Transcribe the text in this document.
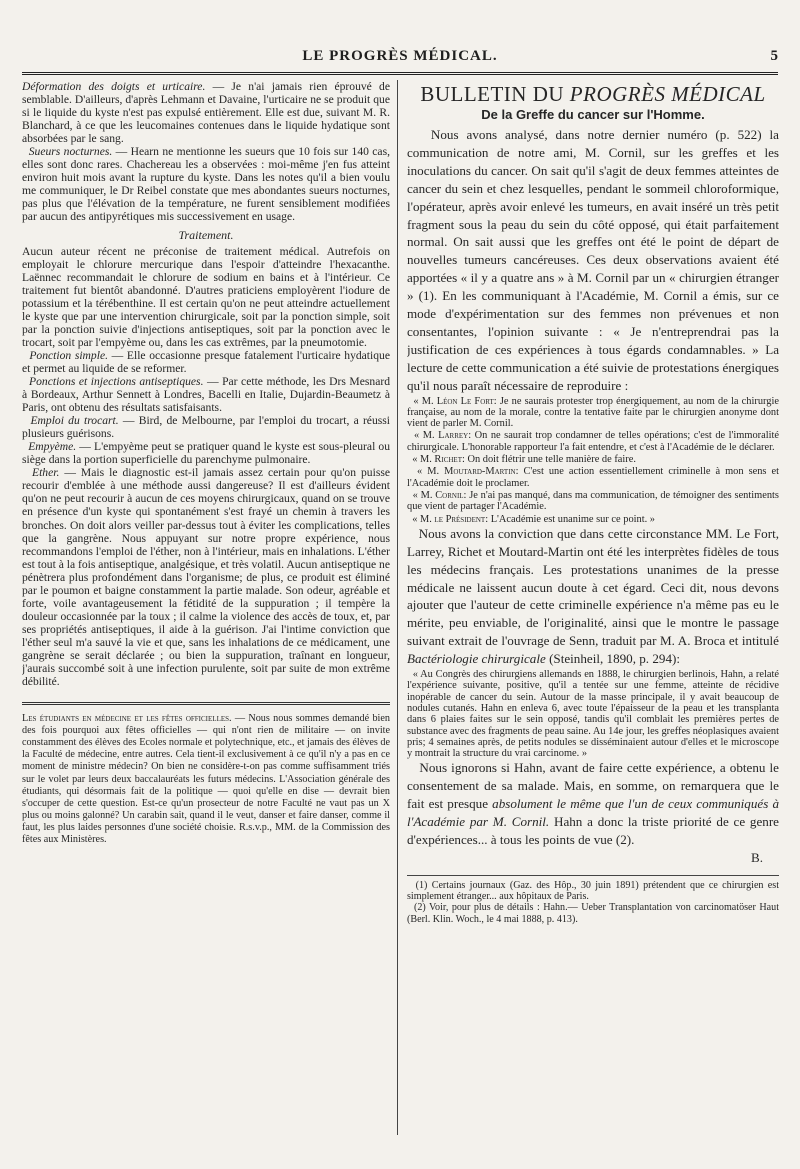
LE PROGRÈS MÉDICAL.	5

Déformation des doigts et urticaire. — Je n'ai jamais rien éprouvé de semblable. D'ailleurs, d'après Lehmann et Davaine, l'urticaire ne se produit que si le liquide du kyste n'est pas expulsé entièrement. Elle est due, suivant M. R. Blanchard, à ce que les leucomaines contenues dans le liquide hydatique sont absorbées par le sang.

Sueurs nocturnes. — Hearn ne mentionne les sueurs que 10 fois sur 140 cas, elles sont donc rares. Chachereau les a observées : moi-même j'en fus atteint environ huit mois avant la rupture du kyste. Dans les notes qu'il a bien voulu me communiquer, le Dr Reibel constate que mes abondantes sueurs nocturnes, pas plus que l'élévation de la température, ne furent sensiblement modifiées par aucun des antipyrétiques mis successivement en usage.

Traitement.

Aucun auteur récent ne préconise de traitement médical. Autrefois on employait le chlorure mercurique dans l'espoir d'atteindre l'hexacanthe. Laënnec recommandait le chlorure de sodium en bains et à l'intérieur. Ce traitement fut bientôt abandonné. D'autres praticiens employèrent l'iodure de potassium et la térébenthine. Il est certain qu'on ne peut atteindre actuellement le kyste que par une intervention chirurgicale, soit par la ponction simple, soit par la ponction suivie d'injections antiseptiques, soit par la ponction avec le trocart, soit par l'empyème ou, dans les cas extrêmes, par la pneumotomie.

Ponction simple. — Elle occasionne presque fatalement l'urticaire hydatique et permet au liquide de se reformer.

Ponctions et injections antiseptiques. — Par cette méthode, les Drs Mesnard à Bordeaux, Arthur Sennett à Londres, Bacelli en Italie, Dujardin-Beaumetz à Paris, ont obtenu des résultats satisfaisants.

Emploi du trocart. — Bird, de Melbourne, par l'emploi du trocart, a réussi plusieurs guérisons.

Empyème. — L'empyème peut se pratiquer quand le kyste est sous-pleural ou siège dans la portion superficielle du parenchyme pulmonaire.

Ether. — Mais le diagnostic est-il jamais assez certain pour qu'on puisse recourir d'emblée à une méthode aussi dangereuse? Il est d'ailleurs évident qu'on ne peut recourir à aucun de ces moyens chirurgicaux, quand on se trouve en présence d'un kyste qui spontanément s'est frayé un chemin à travers les bronches. On doit alors veiller par-dessus tout à éviter les complications, telles que la gangrène. Nous appuyant sur notre propre expérience, nous recommandons l'emploi de l'éther, non à l'intérieur, mais en inhalations. L'éther est tout à la fois antiseptique, analgésique, et très volatil. Aucun antiseptique ne pénètrera plus profondément dans l'organisme; de plus, ce produit est éliminé par le poumon et baigne constamment la partie malade. Son odeur, agréable et forte, voile avantageusement la fétidité de la suppuration ; il tempère la douleur occasionnée par la toux ; il calme la violence des accès de toux, et, par ses propriétés antiseptiques, il aide à la guérison. J'ai l'intime conviction que l'éther seul m'a sauvé la vie et que, sans les inhalations de ce médicament, une gangrène se serait déclarée ; ou bien la suppuration, traînant en longueur, j'aurais succombé soit à une infection purulente, soit par suite de mon extrême débilité.

Les étudiants en médecine et les fêtes officielles. — Nous nous sommes demandé bien des fois pourquoi aux fêtes officielles — qui n'ont rien de militaire — on invite constamment des élèves des Ecoles normale et polytechnique, etc., et jamais des élèves de la Faculté de médecine, entre autres. Cela tient-il exclusivement à ce qu'il n'y a pas en ce moment de ministre médecin? On bien ne considère-t-on pas comme suffisamment triés sur le volet par leurs deux baccalauréats les futurs médecins. L'Association générale des étudiants, qui désormais fait de la politique — quoi qu'elle en dise — devrait bien s'occuper de cette question. Est-ce qu'un prosecteur de notre Faculté ne vaut pas un X plus ou moins galonné? Un carabin sait, quand il le veut, danser et faire danser, comme il faut, les plus laides personnes d'une société choisie. R.s.v.p., MM. de la Commission des fêtes aux Ministères.

BULLETIN DU PROGRÈS MÉDICAL
De la Greffe du cancer sur l'Homme.

Nous avons analysé, dans notre dernier numéro (p. 522) la communication de notre ami, M. Cornil, sur les greffes et les inoculations du cancer. On sait qu'il s'agit de deux femmes atteintes de cancer du sein et chez lesquelles, pendant le sommeil chloroformique, l'opérateur, après avoir enlevé les tumeurs, en avait inséré un très petit fragment sous la peau du sein du côté opposé, qui était parfaitement normal. On sait aussi que les greffes ont été le point de départ de nouvelles tumeurs cancéreuses. Ces deux observations avaient été apportées « il y a quatre ans » à M. Cornil par un « chirurgien étranger » (1). En les communiquant à l'Académie, M. Cornil a émis, sur ce mode d'expérimentation sur des femmes non prévenues et non consentantes, l'opinion suivante : « Je n'entreprendrai pas la justification de ces expériences à tous égards condamnables. » La lecture de cette communication a été suivie de protestations énergiques qu'il nous paraît nécessaire de reproduire :

« M. Léon Le Fort: Je ne saurais protester trop énergiquement, au nom de la chirurgie française, au nom de la morale, contre la tentative faite par le chirurgien anonyme dont vient de parler M. Cornil.

« M. Larrey: On ne saurait trop condamner de telles opérations; c'est de l'immoralité chirurgicale. L'honorable rapporteur l'a fait entendre, et c'est à l'Académie de le déclarer.

« M. Richet: On doit flétrir une telle manière de faire.

« M. Moutard-Martin: C'est une action essentiellement criminelle à mon sens et l'Académie doit le proclamer.

« M. Cornil: Je n'ai pas manqué, dans ma communication, de témoigner des sentiments que vient de partager l'Académie.

« M. le Président: L'Académie est unanime sur ce point. »

Nous avons la conviction que dans cette circonstance MM. Le Fort, Larrey, Richet et Moutard-Martin ont été les interprètes fidèles de tous les médecins français. Les protestations unanimes de la presse médicale ne laissent aucun doute à cet égard. Ceci dit, nous devons ajouter que l'auteur de cette criminelle expérience n'a même pas eu le mérite, peu enviable, de l'originalité, ainsi que le montre le passage suivant extrait de l'ouvrage de Senn, traduit par M. A. Broca et intitulé Bactériologie chirurgicale (Steinheil, 1890, p. 294):

« Au Congrès des chirurgiens allemands en 1888, le chirurgien berlinois, Hahn, a relaté l'expérience suivante, positive, qu'il a tentée sur une femme, atteinte de récidive inopérable de cancer du sein. Autour de la masse principale, il y avait beaucoup de nodules cutanés. Hahn en enleva 6, avec toute l'épaisseur de la peau et les transplanta dans 6 plaies faites sur le sein opposé, tandis qu'il comblait les premières pertes de substance avec des fragments de peau saine. Au 14e jour, les greffes néoplasiques avaient pris; 4 semaines après, de petits nodules se disséminaient autour d'elles et le microscope y montrait la structure du vrai carcinome. »

Nous ignorons si Hahn, avant de faire cette expérience, a obtenu le consentement de sa malade. Mais, en somme, on remarquera que le fait est presque absolument le même que l'un de ceux communiqués à l'Académie par M. Cornil. Hahn a donc la triste priorité de ce genre d'expériences... à tous les points de vue (2).

B.

(1) Certains journaux (Gaz. des Hôp., 30 juin 1891) prétendent que ce chirurgien est simplement étranger... aux hôpitaux de Paris.

(2) Voir, pour plus de détails : Hahn.— Ueber Transplantation von carcinomatöser Haut (Berl. Klin. Woch., le 4 mai 1888, p. 413).
